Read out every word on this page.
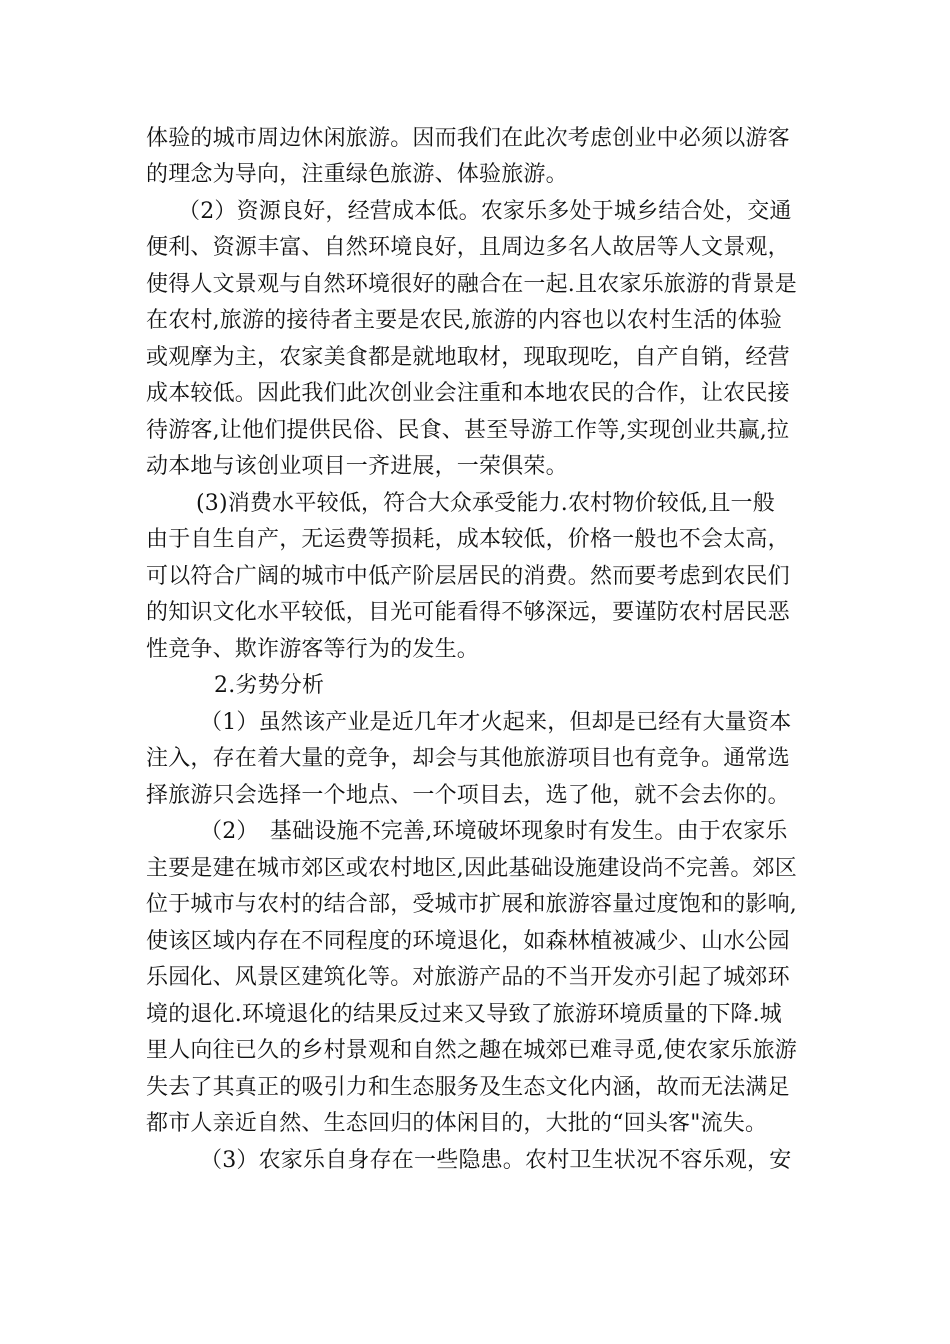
体验的城市周边休闲旅游。因而我们在此次考虑创业中必须以游客
的理念为导向，注重绿色旅游、体验旅游。
（2）资源良好，经营成本低。农家乐多处于城乡结合处，交通
便利、资源丰富、自然环境良好，且周边多名人故居等人文景观，
使得人文景观与自然环境很好的融合在一起.且农家乐旅游的背景是
在农村,旅游的接待者主要是农民,旅游的内容也以农村生活的体验
或观摩为主，农家美食都是就地取材，现取现吃，自产自销，经营
成本较低。因此我们此次创业会注重和本地农民的合作，让农民接
待游客,让他们提供民俗、民食、甚至导游工作等,实现创业共赢,拉
动本地与该创业项目一齐进展，一荣俱荣。
(3)消费水平较低，符合大众承受能力.农村物价较低,且一般
由于自生自产，无运费等损耗，成本较低，价格一般也不会太高，
可以符合广阔的城市中低产阶层居民的消费。然而要考虑到农民们
的知识文化水平较低，目光可能看得不够深远，要谨防农村居民恶
性竞争、欺诈游客等行为的发生。
2.劣势分析
（1）虽然该产业是近几年才火起来，但却是已经有大量资本
注入，存在着大量的竞争，却会与其他旅游项目也有竞争。通常选
择旅游只会选择一个地点、一个项目去，选了他，就不会去你的。
（2）　基础设施不完善,环境破坏现象时有发生。由于农家乐
主要是建在城市郊区或农村地区,因此基础设施建设尚不完善。郊区
位于城市与农村的结合部，受城市扩展和旅游容量过度饱和的影响,
使该区域内存在不同程度的环境退化，如森林植被减少、山水公园
乐园化、风景区建筑化等。对旅游产品的不当开发亦引起了城郊环
境的退化.环境退化的结果反过来又导致了旅游环境质量的下降.城
里人向往已久的乡村景观和自然之趣在城郊已难寻觅,使农家乐旅游
失去了其真正的吸引力和生态服务及生态文化内涵，故而无法满足
都市人亲近自然、生态回归的体闲目的，大批的“回头客"流失。
（3）农家乐自身存在一些隐患。农村卫生状况不容乐观，安
